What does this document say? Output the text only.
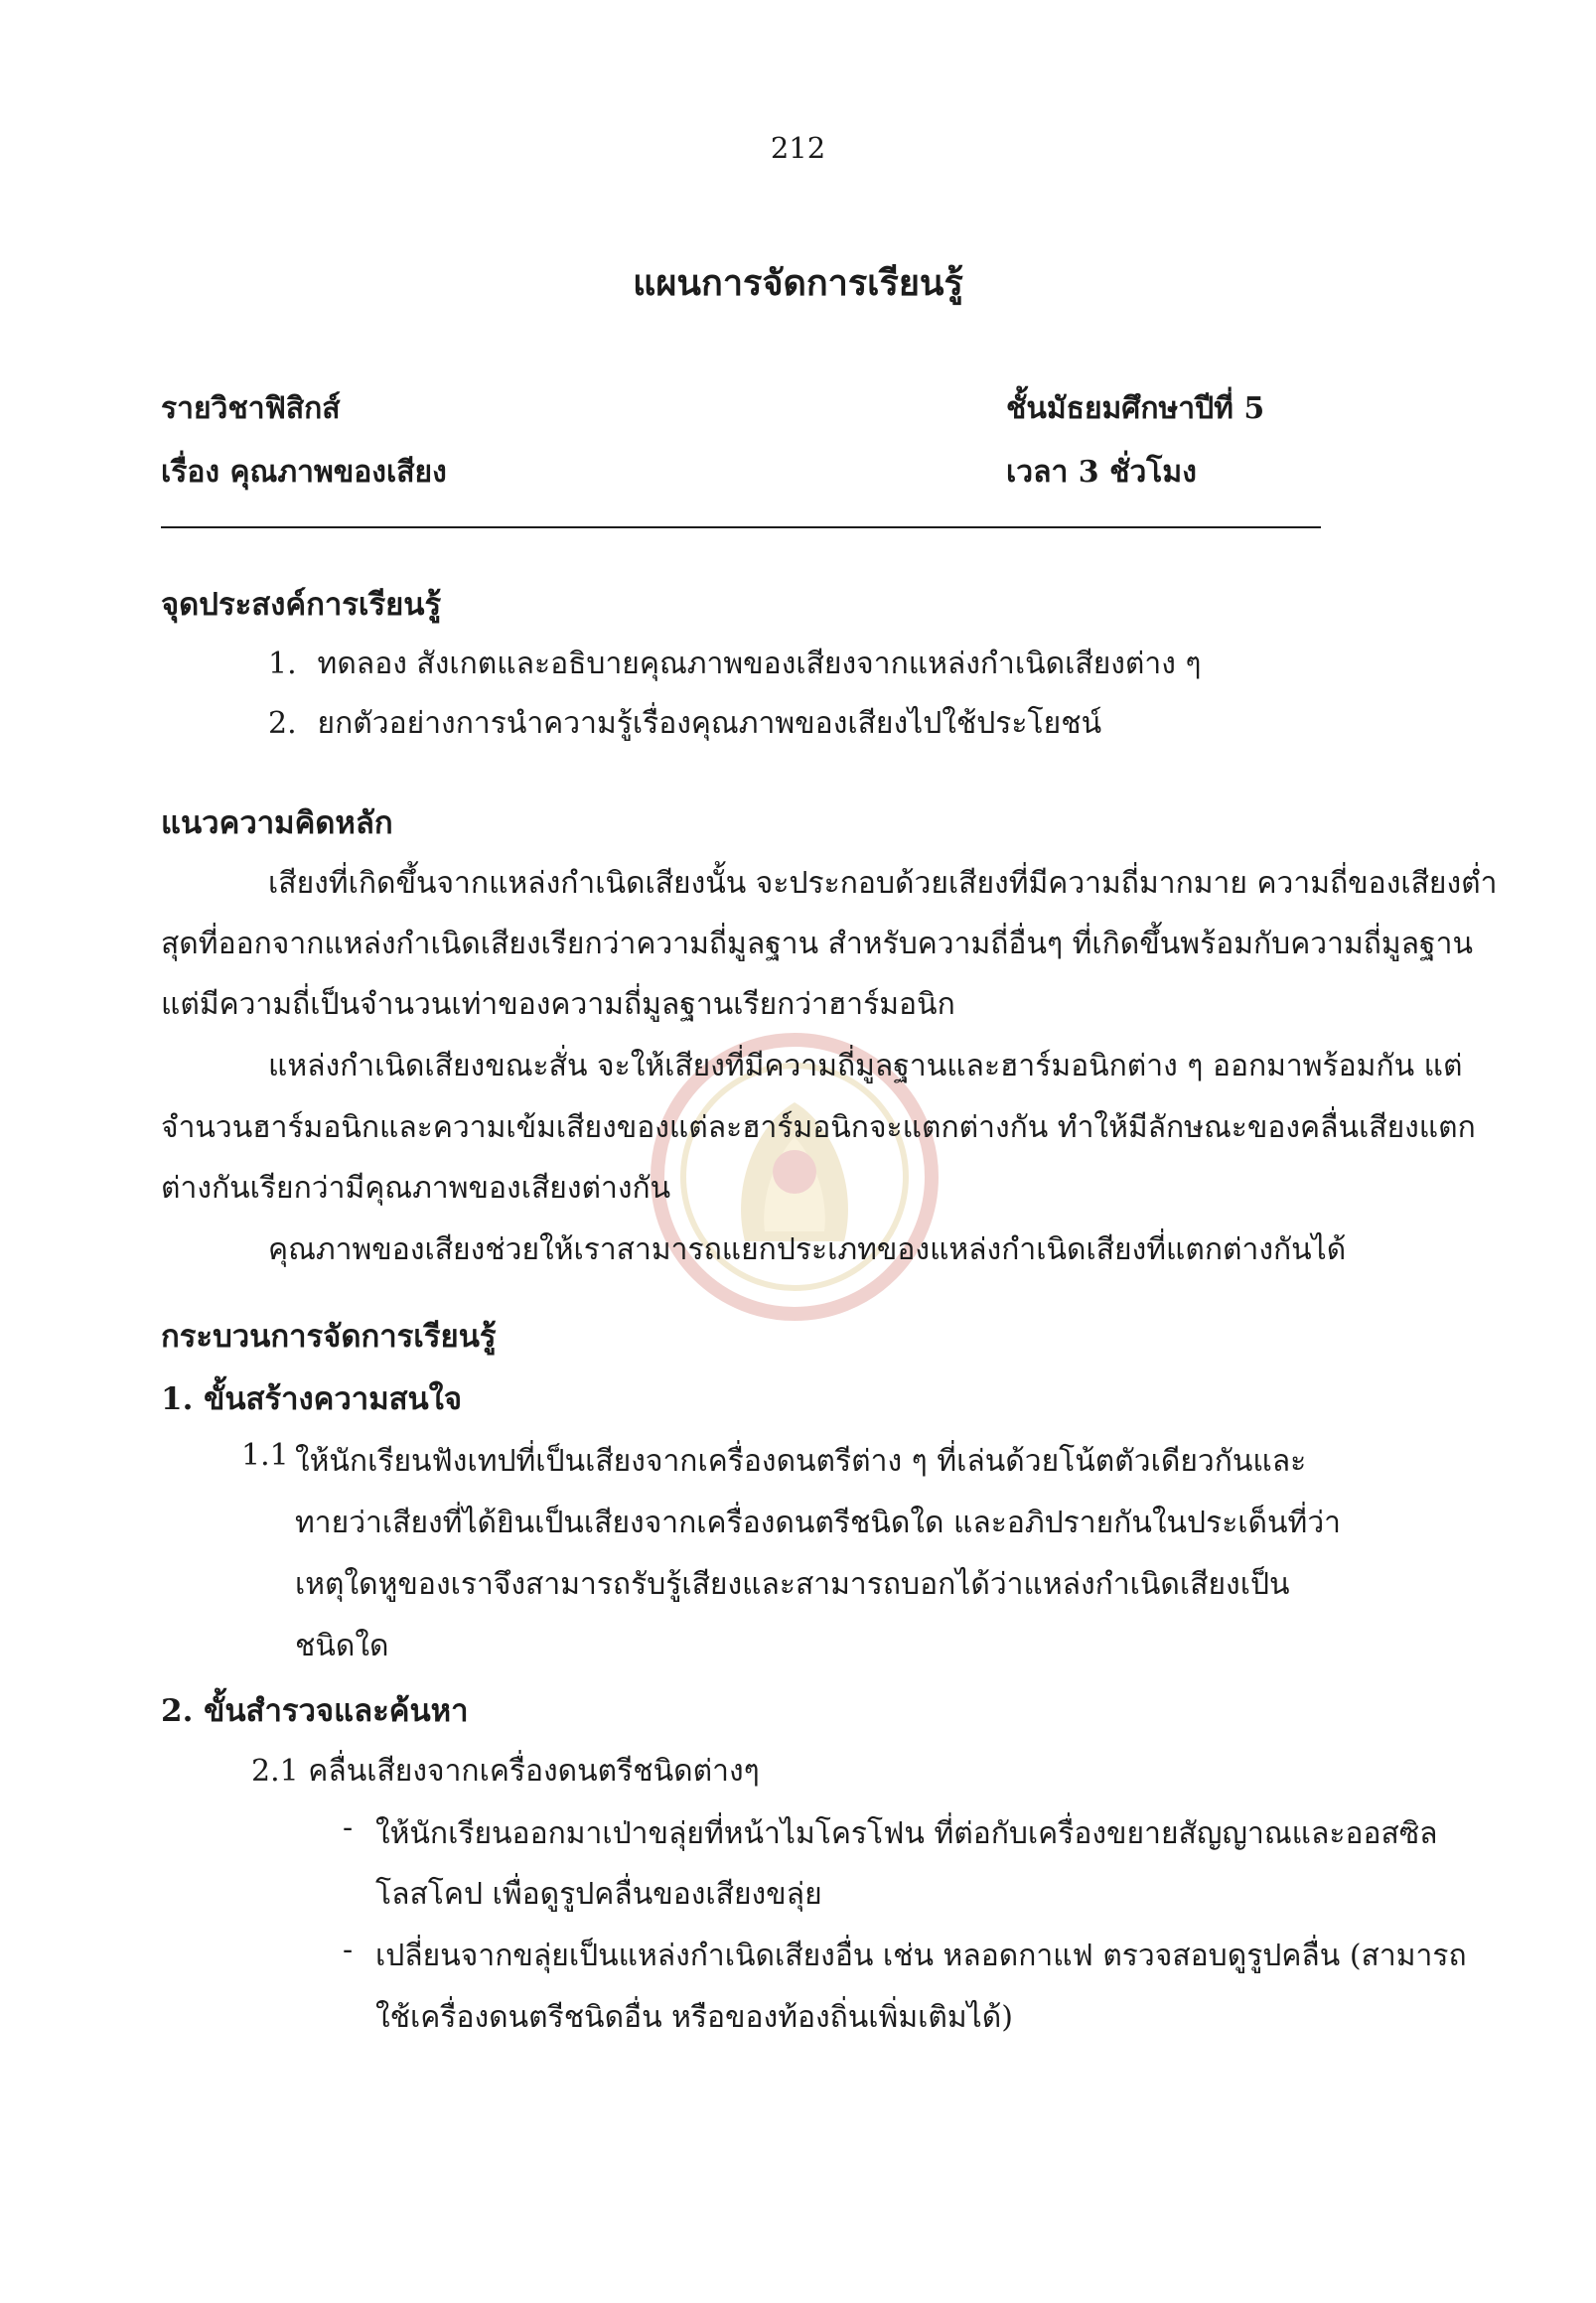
212
แผนการจัดการเรียนรู้
รายวิชาฟิสิกส์	ชั้นมัธยมศึกษาปีที่ 5
เรื่อง คุณภาพของเสียง	เวลา 3 ชั่วโมง
จุดประสงค์การเรียนรู้
1. ทดลอง สังเกตและอธิบายคุณภาพของเสียงจากแหล่งกำเนิดเสียงต่าง ๆ
2. ยกตัวอย่างการนำความรู้เรื่องคุณภาพของเสียงไปใช้ประโยชน์
แนวความคิดหลัก
เสียงที่เกิดขึ้นจากแหล่งกำเนิดเสียงนั้น จะประกอบด้วยเสียงที่มีความถี่มากมาย ความถี่ของเสียงต่ำ
สุดที่ออกจากแหล่งกำเนิดเสียงเรียกว่าความถี่มูลฐาน สำหรับความถี่อื่นๆ ที่เกิดขึ้นพร้อมกับความถี่มูลฐาน
แต่มีความถี่เป็นจำนวนเท่าของความถี่มูลฐานเรียกว่าฮาร์มอนิก
แหล่งกำเนิดเสียงขณะสั่น จะให้เสียงที่มีความถี่มูลฐานและฮาร์มอนิกต่าง ๆ ออกมาพร้อมกัน แต่
จำนวนฮาร์มอนิกและความเข้มเสียงของแต่ละฮาร์มอนิกจะแตกต่างกัน ทำให้มีลักษณะของคลื่นเสียงแตก
ต่างกันเรียกว่ามีคุณภาพของเสียงต่างกัน
คุณภาพของเสียงช่วยให้เราสามารถแยกประเภทของแหล่งกำเนิดเสียงที่แตกต่างกันได้
กระบวนการจัดการเรียนรู้
1. ขั้นสร้างความสนใจ
1.1 ให้นักเรียนฟังเทปที่เป็นเสียงจากเครื่องดนตรีต่าง ๆ ที่เล่นด้วยโน้ตตัวเดียวกันและ
ทายว่าเสียงที่ได้ยินเป็นเสียงจากเครื่องดนตรีชนิดใด และอภิปรายกันในประเด็นที่ว่า
เหตุใดหูของเราจึงสามารถรับรู้เสียงและสามารถบอกได้ว่าแหล่งกำเนิดเสียงเป็น
ชนิดใด
2. ขั้นสำรวจและค้นหา
2.1 คลื่นเสียงจากเครื่องดนตรีชนิดต่างๆ
- ให้นักเรียนออกมาเป่าขลุ่ยที่หน้าไมโครโฟน ที่ต่อกับเครื่องขยายสัญญาณและออสซิล
โลสโคป เพื่อดูรูปคลื่นของเสียงขลุ่ย
- เปลี่ยนจากขลุ่ยเป็นแหล่งกำเนิดเสียงอื่น เช่น หลอดกาแฟ ตรวจสอบดูรูปคลื่น (สามารถ
ใช้เครื่องดนตรีชนิดอื่น หรือของท้องถิ่นเพิ่มเติมได้)
